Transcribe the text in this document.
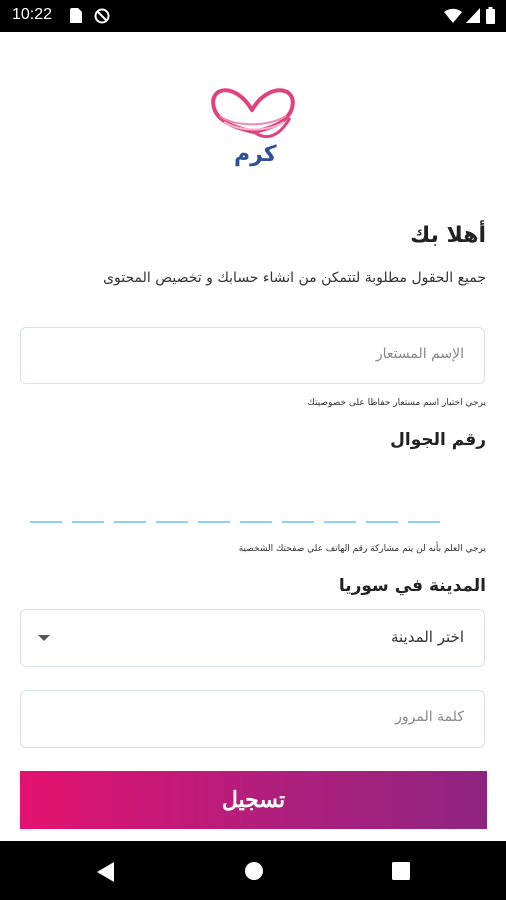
10:22
كرم
أهلا بك
جميع الحقول مطلوبة لتتمكن من انشاء حسابك و تخصيص المحتوى
الإسم المستعار
يرجي اختيار اسم مستعار حفاظا على خصوصيتك
رقم الجوال
يرجي العلم بأنه لن يتم مشاركة رقم الهاتف علي صفحتك الشخصية
المدينة في سوريا
اختر المدينة
كلمة المرور
تسجيل
